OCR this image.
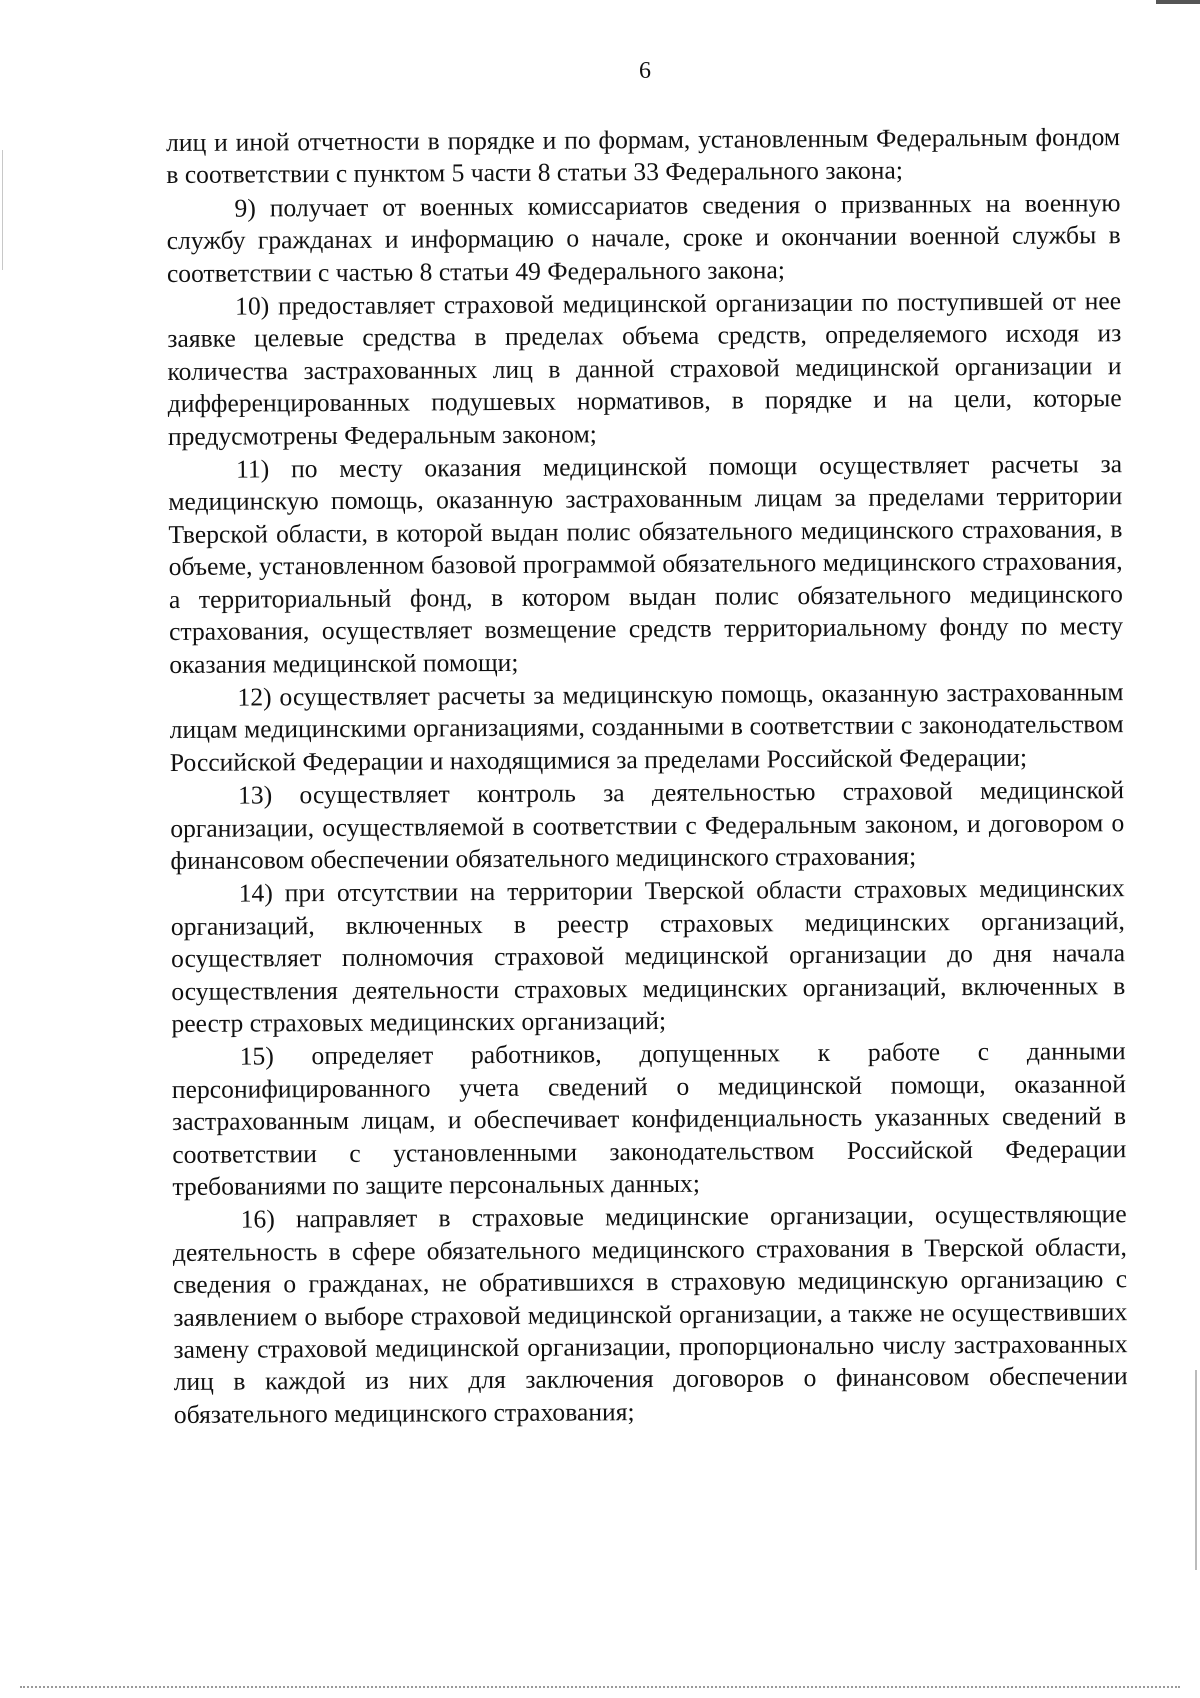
6

лиц и иной отчетности в порядке и по формам, установленным Федеральным фондом в соответствии с пунктом 5 части 8 статьи 33 Федерального закона;

9) получает от военных комиссариатов сведения о призванных на военную службу гражданах и информацию о начале, сроке и окончании военной службы в соответствии с частью 8 статьи 49 Федерального закона;

10) предоставляет страховой медицинской организации по поступившей от нее заявке целевые средства в пределах объема средств, определяемого исходя из количества застрахованных лиц в данной страховой медицинской организации и дифференцированных подушевых нормативов, в порядке и на цели, которые предусмотрены Федеральным законом;

11) по месту оказания медицинской помощи осуществляет расчеты за медицинскую помощь, оказанную застрахованным лицам за пределами территории Тверской области, в которой выдан полис обязательного медицинского страхования, в объеме, установленном базовой программой обязательного медицинского страхования, а территориальный фонд, в котором выдан полис обязательного медицинского страхования, осуществляет возмещение средств территориальному фонду по месту оказания медицинской помощи;

12) осуществляет расчеты за медицинскую помощь, оказанную застрахованным лицам медицинскими организациями, созданными в соответствии с законодательством Российской Федерации и находящимися за пределами Российской Федерации;

13) осуществляет контроль за деятельностью страховой медицинской организации, осуществляемой в соответствии с Федеральным законом, и договором о финансовом обеспечении обязательного медицинского страхования;

14) при отсутствии на территории Тверской области страховых медицинских организаций, включенных в реестр страховых медицинских организаций, осуществляет полномочия страховой медицинской организации до дня начала осуществления деятельности страховых медицинских организаций, включенных в реестр страховых медицинских организаций;

15) определяет работников, допущенных к работе с данными персонифицированного учета сведений о медицинской помощи, оказанной застрахованным лицам, и обеспечивает конфиденциальность указанных сведений в соответствии с установленными законодательством Российской Федерации требованиями по защите персональных данных;

16) направляет в страховые медицинские организации, осуществляющие деятельность в сфере обязательного медицинского страхования в Тверской области, сведения о гражданах, не обратившихся в страховую медицинскую организацию с заявлением о выборе страховой медицинской организации, а также не осуществивших замену страховой медицинской организации, пропорционально числу застрахованных лиц в каждой из них для заключения договоров о финансовом обеспечении обязательного медицинского страхования;
